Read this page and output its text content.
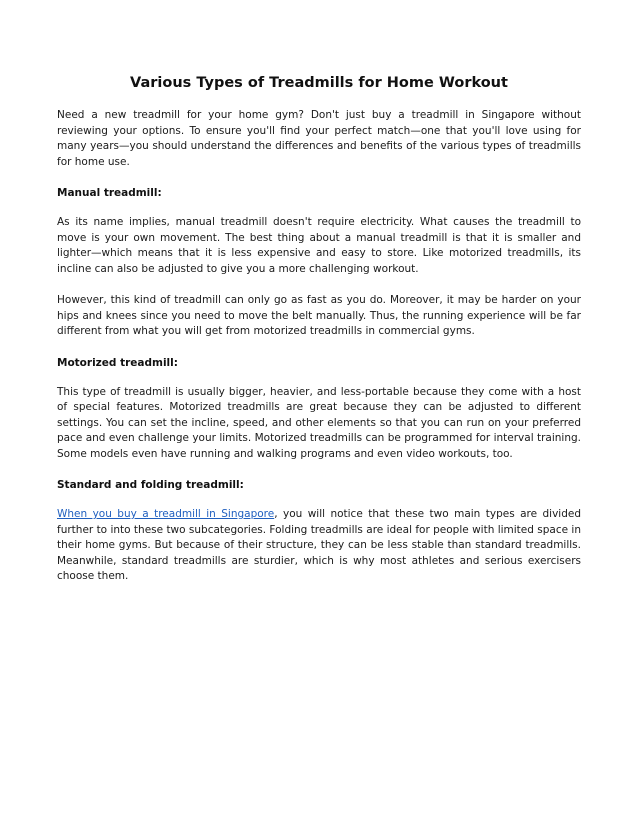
Various Types of Treadmills for Home Workout

Need a new treadmill for your home gym? Don't just buy a treadmill in Singapore without reviewing your options. To ensure you'll find your perfect match—one that you'll love using for many years—you should understand the differences and benefits of the various types of treadmills for home use.

Manual treadmill:

As its name implies, manual treadmill doesn't require electricity. What causes the treadmill to move is your own movement. The best thing about a manual treadmill is that it is smaller and lighter—which means that it is less expensive and easy to store. Like motorized treadmills, its incline can also be adjusted to give you a more challenging workout.

However, this kind of treadmill can only go as fast as you do. Moreover, it may be harder on your hips and knees since you need to move the belt manually. Thus, the running experience will be far different from what you will get from motorized treadmills in commercial gyms.

Motorized treadmill:

This type of treadmill is usually bigger, heavier, and less-portable because they come with a host of special features. Motorized treadmills are great because they can be adjusted to different settings. You can set the incline, speed, and other elements so that you can run on your preferred pace and even challenge your limits. Motorized treadmills can be programmed for interval training. Some models even have running and walking programs and even video workouts, too.

Standard and folding treadmill:

When you buy a treadmill in Singapore, you will notice that these two main types are divided further to into these two subcategories. Folding treadmills are ideal for people with limited space in their home gyms. But because of their structure, they can be less stable than standard treadmills. Meanwhile, standard treadmills are sturdier, which is why most athletes and serious exercisers choose them.
